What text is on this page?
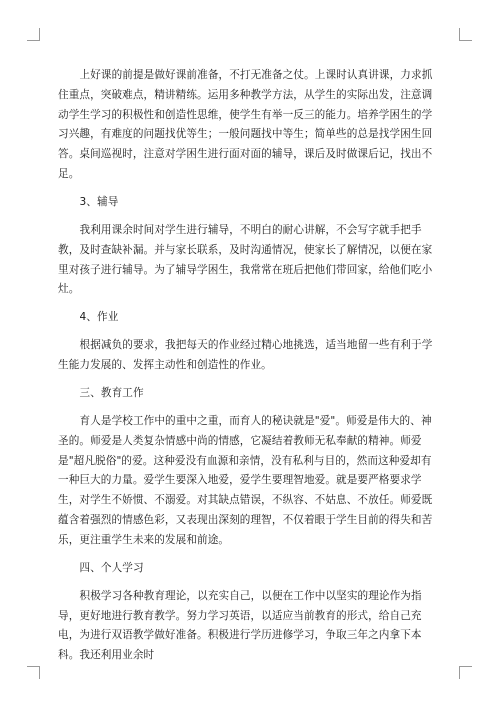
上好课的前提是做好课前准备，不打无准备之仗。上课时认真讲课，力求抓住重点，突破难点，精讲精练。运用多种教学方法，从学生的实际出发，注意调动学生学习的积极性和创造性思维，使学生有举一反三的能力。培养学困生的学习兴趣，有难度的问题找优等生；一般问题找中等生；简单些的总是找学困生回答。桌间巡视时，注意对学困生进行面对面的辅导，课后及时做课后记，找出不足。

3、辅导

我利用课余时间对学生进行辅导，不明白的耐心讲解，不会写字就手把手教，及时查缺补漏。并与家长联系，及时沟通情况，使家长了解情况，以便在家里对孩子进行辅导。为了辅导学困生，我常常在班后把他们带回家，给他们吃小灶。

4、作业

根据减负的要求，我把每天的作业经过精心地挑选，适当地留一些有利于学生能力发展的、发挥主动性和创造性的作业。

三、教育工作

育人是学校工作中的重中之重，而育人的秘诀就是"爱"。师爱是伟大的、神圣的。师爱是人类复杂情感中尚的情感，它凝结着教师无私奉献的精神。师爱是"超凡脱俗"的爱。这种爱没有血源和亲情，没有私利与目的，然而这种爱却有一种巨大的力量。爱学生要深入地爱，爱学生要理智地爱。就是要严格要求学生，对学生不娇惯、不溺爱。对其缺点错误，不纵容、不姑息、不放任。师爱既蕴含着强烈的情感色彩，又表现出深刻的理智，不仅着眼于学生目前的得失和苦乐，更注重学生未来的发展和前途。

四、个人学习

积极学习各种教育理论，以充实自己，以便在工作中以坚实的理论作为指导，更好地进行教育教学。努力学习英语，以适应当前教育的形式，给自己充电，为进行双语教学做好准备。积极进行学历进修学习，争取三年之内拿下本科。我还利用业余时
